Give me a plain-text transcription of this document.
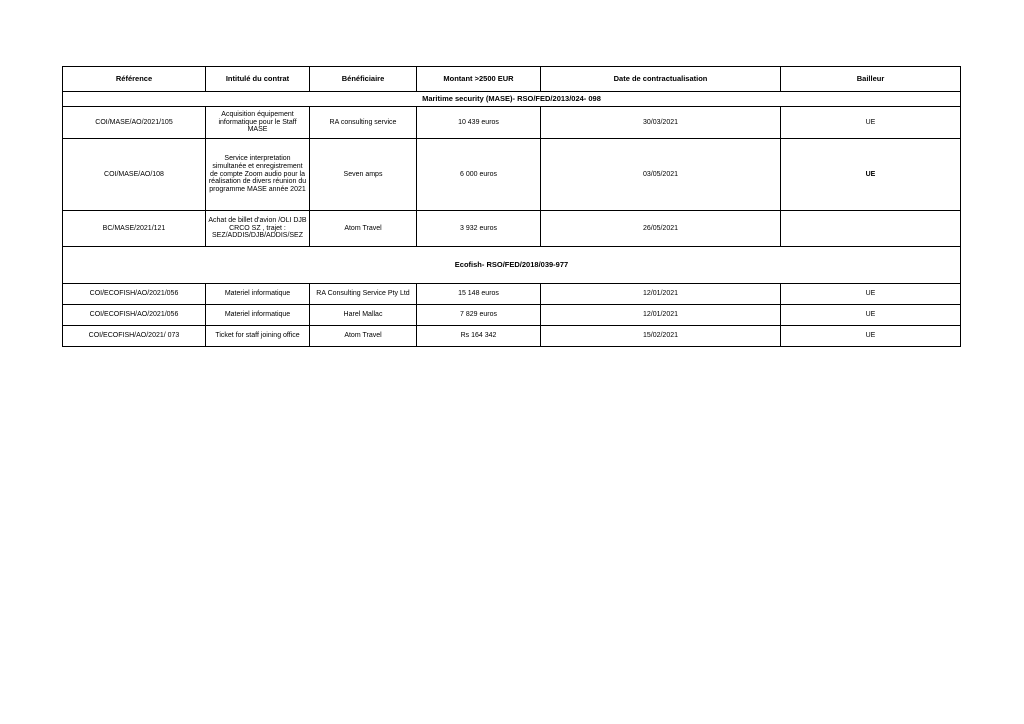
Référence	Intitulé du contrat	Bénéficiaire	Montant >2500 EUR	Date de contractualisation	Bailleur
Maritime security (MASE)- RSO/FED/2013/024- 098					
COI/MASE/AO/2021/105	Acquisition équipement informatique pour le Staff MASE	RA consulting service	10 439 euros	30/03/2021	UE
COI/MASE/AO/108	Service interpretation simultanée et enregistrement de compte Zoom audio pour la réalisation de divers réunion du programme MASE année 2021	Seven amps	6 000 euros	03/05/2021	UE
BC/MASE/2021/121	Achat de billet d'avion /OLI DJB CRCO SZ , trajet : SEZ/ADDIS/DJB/ADDIS/SEZ	Atom Travel	3 932 euros	26/05/2021	
Ecofish- RSO/FED/2018/039-977					
COI/ECOFISH/AO/2021/056	Materiel informatique	RA Consulting Service Pty Ltd	15 148 euros	12/01/2021	UE
COI/ECOFISH/AO/2021/056	Materiel informatique	Harel Mallac	7 829 euros	12/01/2021	UE
COI/ECOFISH/AO/2021/ 073	Ticket for staff joining office	Atom Travel	Rs 164 342	15/02/2021	UE
